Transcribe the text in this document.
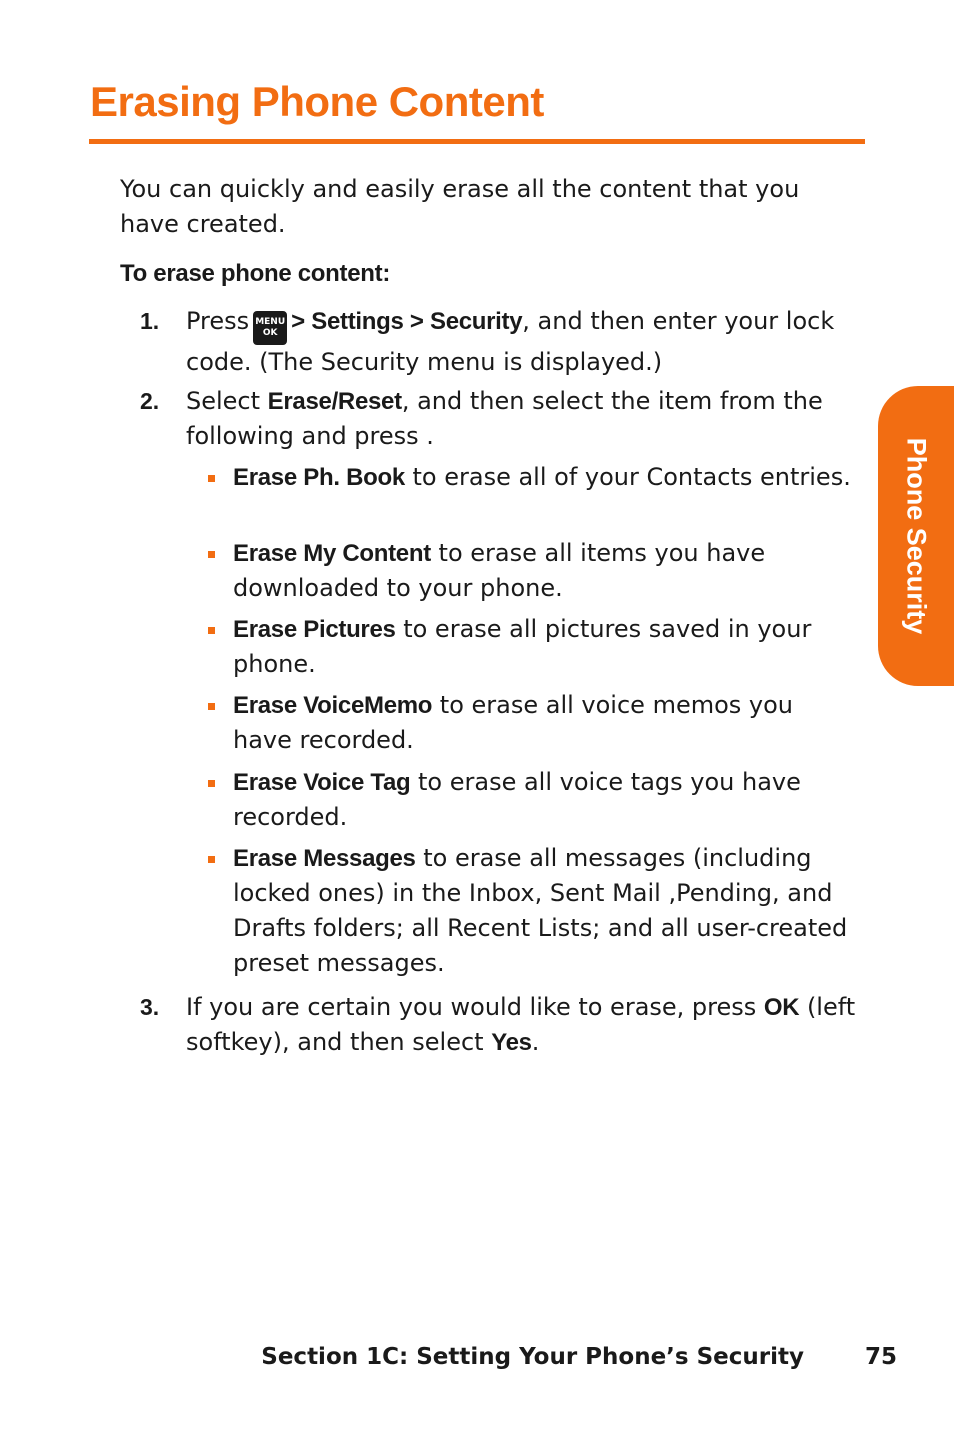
Erasing Phone Content

You can quickly and easily erase all the content that you have created.

To erase phone content:

1. Press MENU
OK > Settings > Security, and then enter your lock code. (The Security menu is displayed.)
2. Select Erase/Reset, and then select the item from the following and press .
Erase Ph. Book to erase all of your Contacts entries.
Erase My Content to erase all items you have downloaded to your phone.
Erase Pictures to erase all pictures saved in your phone.
Erase VoiceMemo to erase all voice memos you have recorded.
Erase Voice Tag to erase all voice tags you have recorded.
Erase Messages to erase all messages (including locked ones) in the Inbox, Sent Mail ,Pending, and Drafts folders; all Recent Lists; and all user-created preset messages.
3. If you are certain you would like to erase, press OK (left softkey), and then select Yes.
Phone Security
Section 1C: Setting Your Phone’s Security	75
